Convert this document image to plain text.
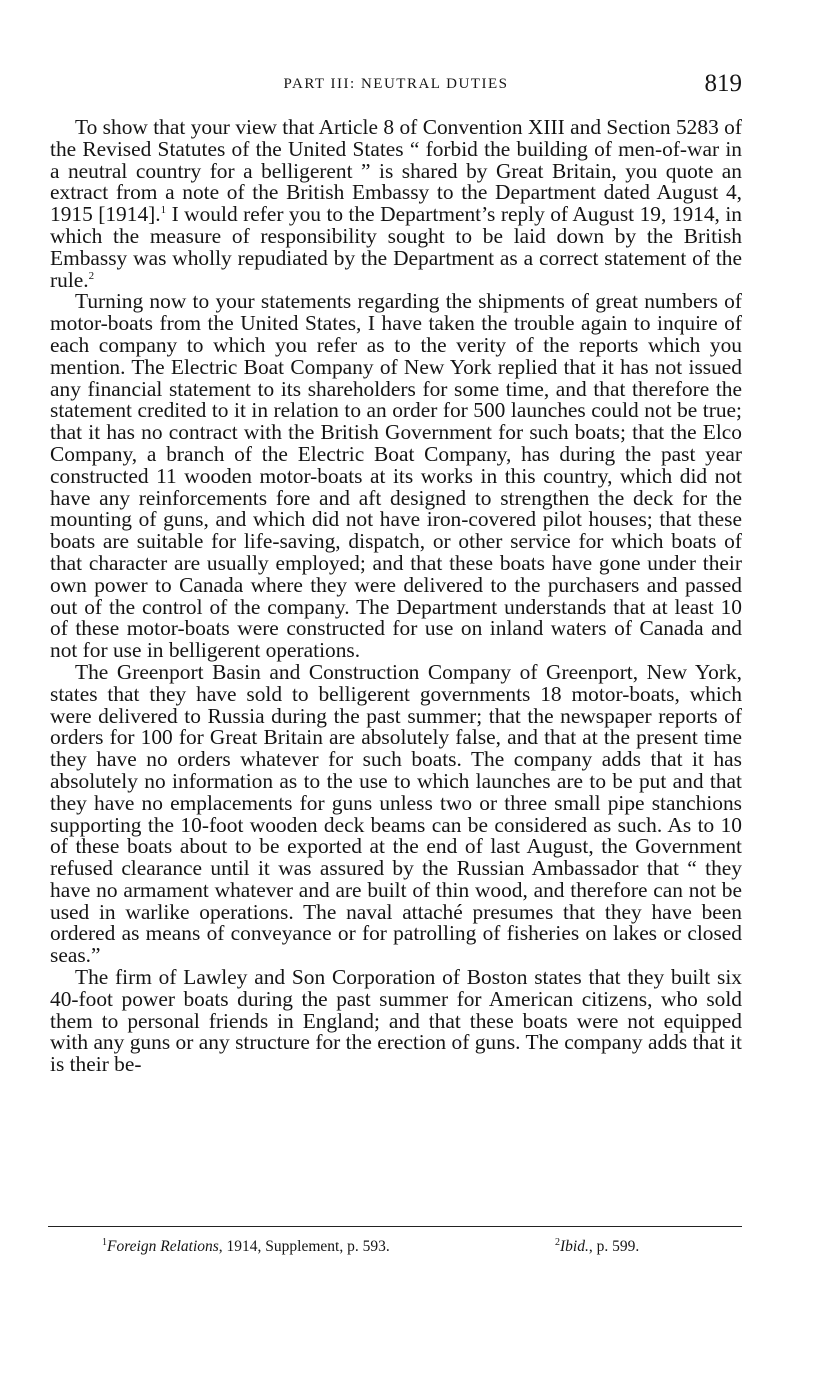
PART III: NEUTRAL DUTIES	819

To show that your view that Article 8 of Convention XIII and Section 5283 of the Revised Statutes of the United States “ forbid the building of men-of-war in a neutral country for a belligerent ” is shared by Great Britain, you quote an extract from a note of the British Embassy to the Department dated August 4, 1915 [1914].$^1$ I would refer you to the Department’s reply of August 19, 1914, in which the measure of responsibility sought to be laid down by the British Embassy was wholly repudiated by the Department as a correct statement of the rule.$^2$

Turning now to your statements regarding the shipments of great numbers of motor-boats from the United States, I have taken the trouble again to inquire of each company to which you refer as to the verity of the reports which you mention. The Electric Boat Company of New York replied that it has not issued any financial statement to its shareholders for some time, and that therefore the statement credited to it in relation to an order for 500 launches could not be true; that it has no contract with the British Government for such boats; that the Elco Company, a branch of the Electric Boat Company, has during the past year constructed 11 wooden motor-boats at its works in this country, which did not have any reinforcements fore and aft designed to strengthen the deck for the mounting of guns, and which did not have iron-covered pilot houses; that these boats are suitable for life-saving, dispatch, or other service for which boats of that character are usually employed; and that these boats have gone under their own power to Canada where they were delivered to the purchasers and passed out of the control of the company. The Department understands that at least 10 of these motor-boats were constructed for use on inland waters of Canada and not for use in belligerent operations.

The Greenport Basin and Construction Company of Greenport, New York, states that they have sold to belligerent governments 18 motor-boats, which were delivered to Russia during the past summer; that the newspaper reports of orders for 100 for Great Britain are absolutely false, and that at the present time they have no orders whatever for such boats. The company adds that it has absolutely no information as to the use to which launches are to be put and that they have no emplacements for guns unless two or three small pipe stanchions supporting the 10-foot wooden deck beams can be considered as such. As to 10 of these boats about to be exported at the end of last August, the Government refused clearance until it was assured by the Russian Ambassador that “ they have no armament whatever and are built of thin wood, and therefore can not be used in warlike operations. The naval attaché presumes that they have been ordered as means of conveyance or for patrolling of fisheries on lakes or closed seas.”

The firm of Lawley and Son Corporation of Boston states that they built six 40-foot power boats during the past summer for American citizens, who sold them to personal friends in England; and that these boats were not equipped with any guns or any structure for the erection of guns. The company adds that it is their be-

$^1$Foreign Relations, 1914, Supplement, p. 593.	$^2$Ibid., p. 599.
